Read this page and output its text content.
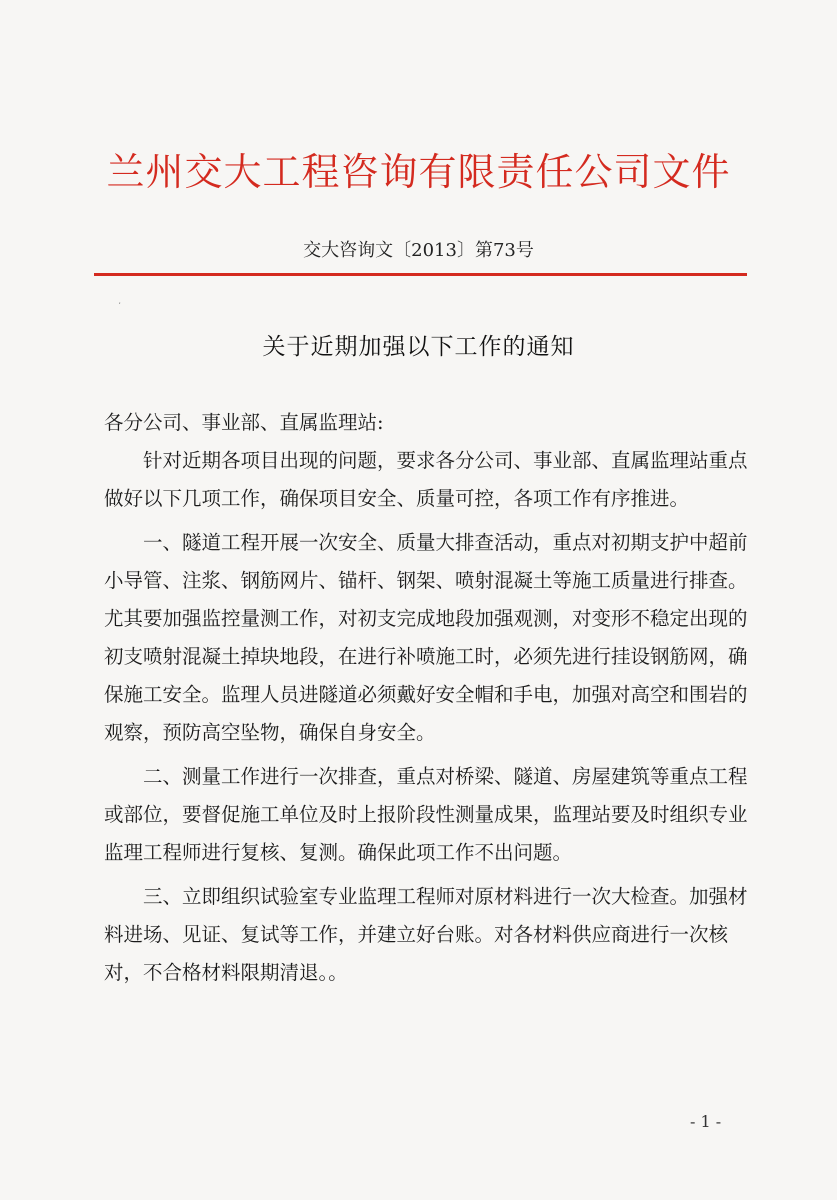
兰州交大工程咨询有限责任公司文件
交大咨询文〔2013〕第73号
ˑ
关于近期加强以下工作的通知

各分公司、事业部、直属监理站:

针对近期各项目出现的问题，要求各分公司、事业部、直属监理站重点做好以下几项工作，确保项目安全、质量可控，各项工作有序推进。

一、隧道工程开展一次安全、质量大排查活动，重点对初期支护中超前小导管、注浆、钢筋网片、锚杆、钢架、喷射混凝土等施工质量进行排查。尤其要加强监控量测工作，对初支完成地段加强观测，对变形不稳定出现的初支喷射混凝土掉块地段，在进行补喷施工时，必须先进行挂设钢筋网，确保施工安全。监理人员进隧道必须戴好安全帽和手电，加强对高空和围岩的观察，预防高空坠物，确保自身安全。

二、测量工作进行一次排查，重点对桥梁、隧道、房屋建筑等重点工程或部位，要督促施工单位及时上报阶段性测量成果，监理站要及时组织专业监理工程师进行复核、复测。确保此项工作不出问题。

三、立即组织试验室专业监理工程师对原材料进行一次大检查。加强材料进场、见证、复试等工作，并建立好台账。对各材料供应商进行一次核对，不合格材料限期清退。。

- 1 -
